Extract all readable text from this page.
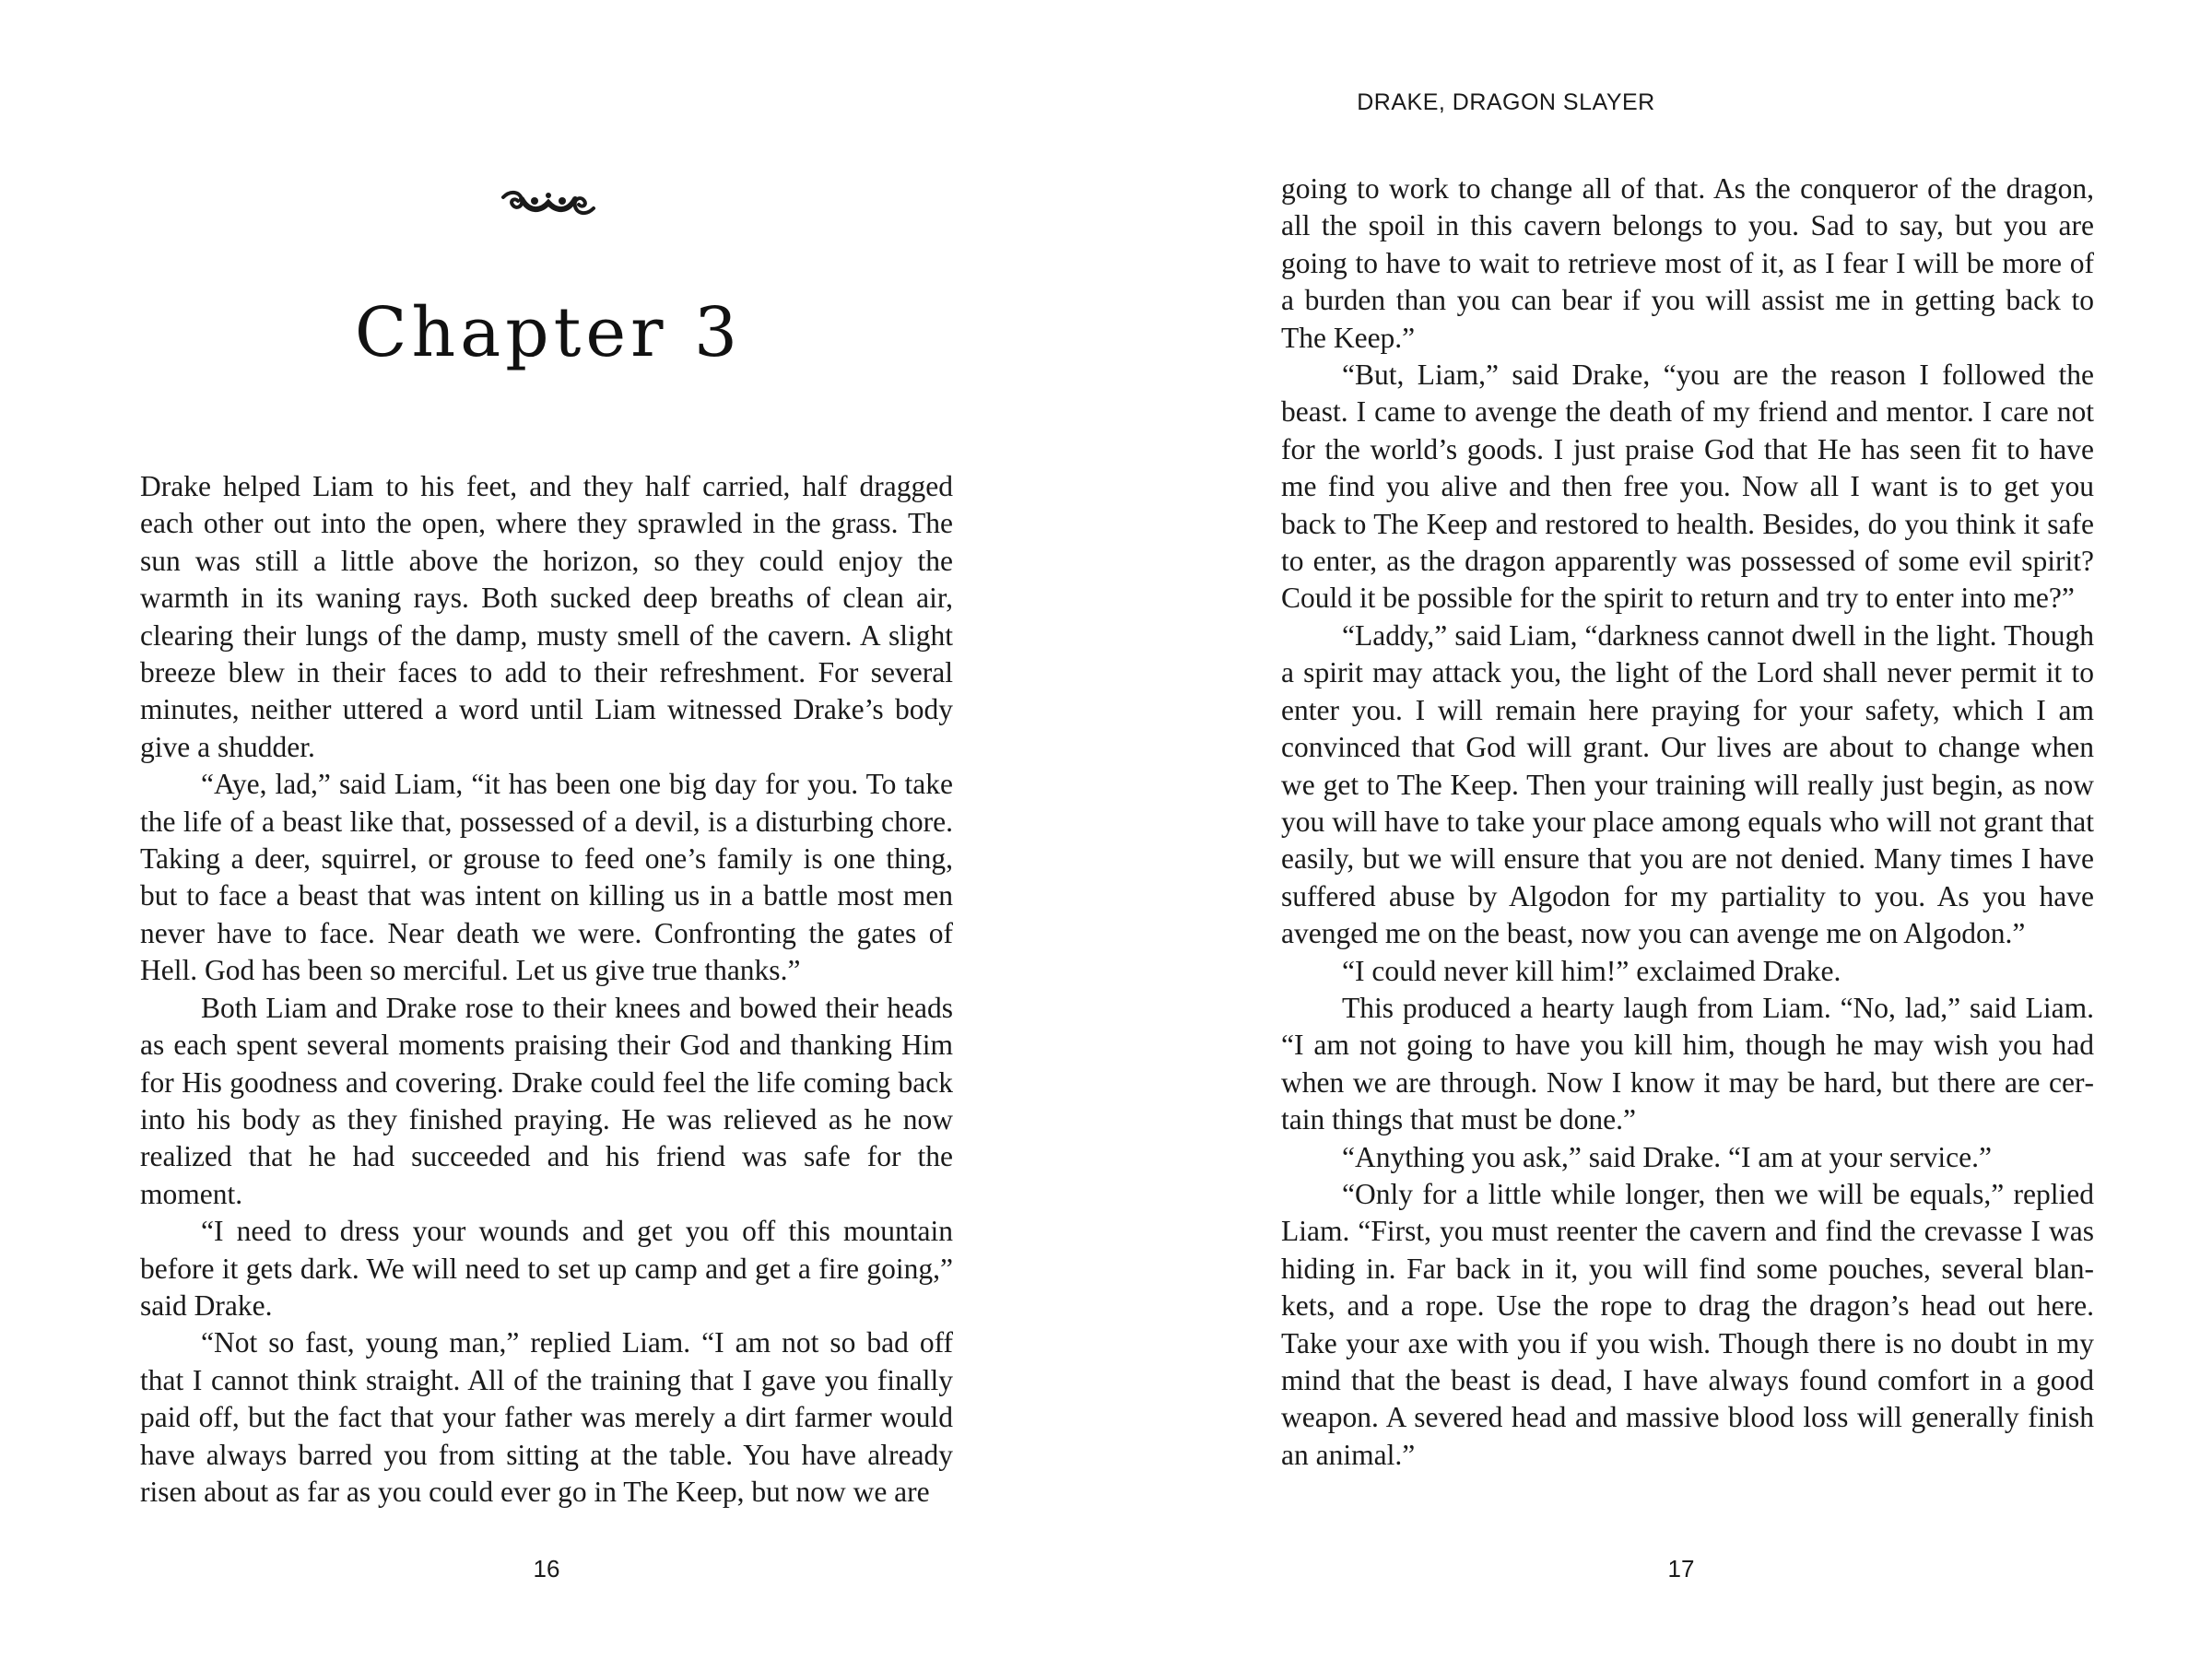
Chapter 3

Drake helped Liam to his feet, and they half carried, half dragged each other out into the open, where they sprawled in the grass. The sun was still a little above the horizon, so they could enjoy the warmth in its waning rays. Both sucked deep breaths of clean air, clearing their lungs of the damp, musty smell of the cavern. A slight breeze blew in their faces to add to their refreshment. For several minutes, neither uttered a word until Liam witnessed Drake’s body give a shudder.

“Aye, lad,” said Liam, “it has been one big day for you. To take the life of a beast like that, possessed of a devil, is a disturbing chore. Taking a deer, squirrel, or grouse to feed one’s family is one thing, but to face a beast that was intent on killing us in a battle most men never have to face. Near death we were. Confronting the gates of Hell. God has been so merciful. Let us give true thanks.”

Both Liam and Drake rose to their knees and bowed their heads as each spent several moments praising their God and thanking Him for His goodness and covering. Drake could feel the life coming back into his body as they finished praying. He was relieved as he now realized that he had succeeded and his friend was safe for the moment.

“I need to dress your wounds and get you off this mountain before it gets dark. We will need to set up camp and get a fire going,” said Drake.

“Not so fast, young man,” replied Liam. “I am not so bad off that I cannot think straight. All of the training that I gave you finally paid off, but the fact that your father was merely a dirt farmer would have always barred you from sitting at the table. You have already risen about as far as you could ever go in The Keep, but now we are

16
DRAKE, DRAGON SLAYER

going to work to change all of that. As the conqueror of the dragon, all the spoil in this cavern belongs to you. Sad to say, but you are going to have to wait to retrieve most of it, as I fear I will be more of a burden than you can bear if you will assist me in getting back to The Keep.”

“But, Liam,” said Drake, “you are the reason I followed the beast. I came to avenge the death of my friend and mentor. I care not for the world’s goods. I just praise God that He has seen fit to have me find you alive and then free you. Now all I want is to get you back to The Keep and restored to health. Besides, do you think it safe to enter, as the dragon apparently was possessed of some evil spirit? Could it be possible for the spirit to return and try to enter into me?”

“Laddy,” said Liam, “darkness cannot dwell in the light. Though a spirit may attack you, the light of the Lord shall never permit it to enter you. I will remain here praying for your safety, which I am convinced that God will grant. Our lives are about to change when we get to The Keep. Then your training will really just begin, as now you will have to take your place among equals who will not grant that easily, but we will ensure that you are not denied. Many times I have suffered abuse by Algodon for my partiality to you. As you have avenged me on the beast, now you can avenge me on Algodon.”

“I could never kill him!” exclaimed Drake.

This produced a hearty laugh from Liam. “No, lad,” said Liam. “I am not going to have you kill him, though he may wish you had when we are through. Now I know it may be hard, but there are certain things that must be done.”

“Anything you ask,” said Drake. “I am at your service.”

“Only for a little while longer, then we will be equals,” replied Liam. “First, you must reenter the cavern and find the crevasse I was hiding in. Far back in it, you will find some pouches, several blankets, and a rope. Use the rope to drag the dragon’s head out here. Take your axe with you if you wish. Though there is no doubt in my mind that the beast is dead, I have always found comfort in a good weapon. A severed head and massive blood loss will generally finish an animal.”

17
